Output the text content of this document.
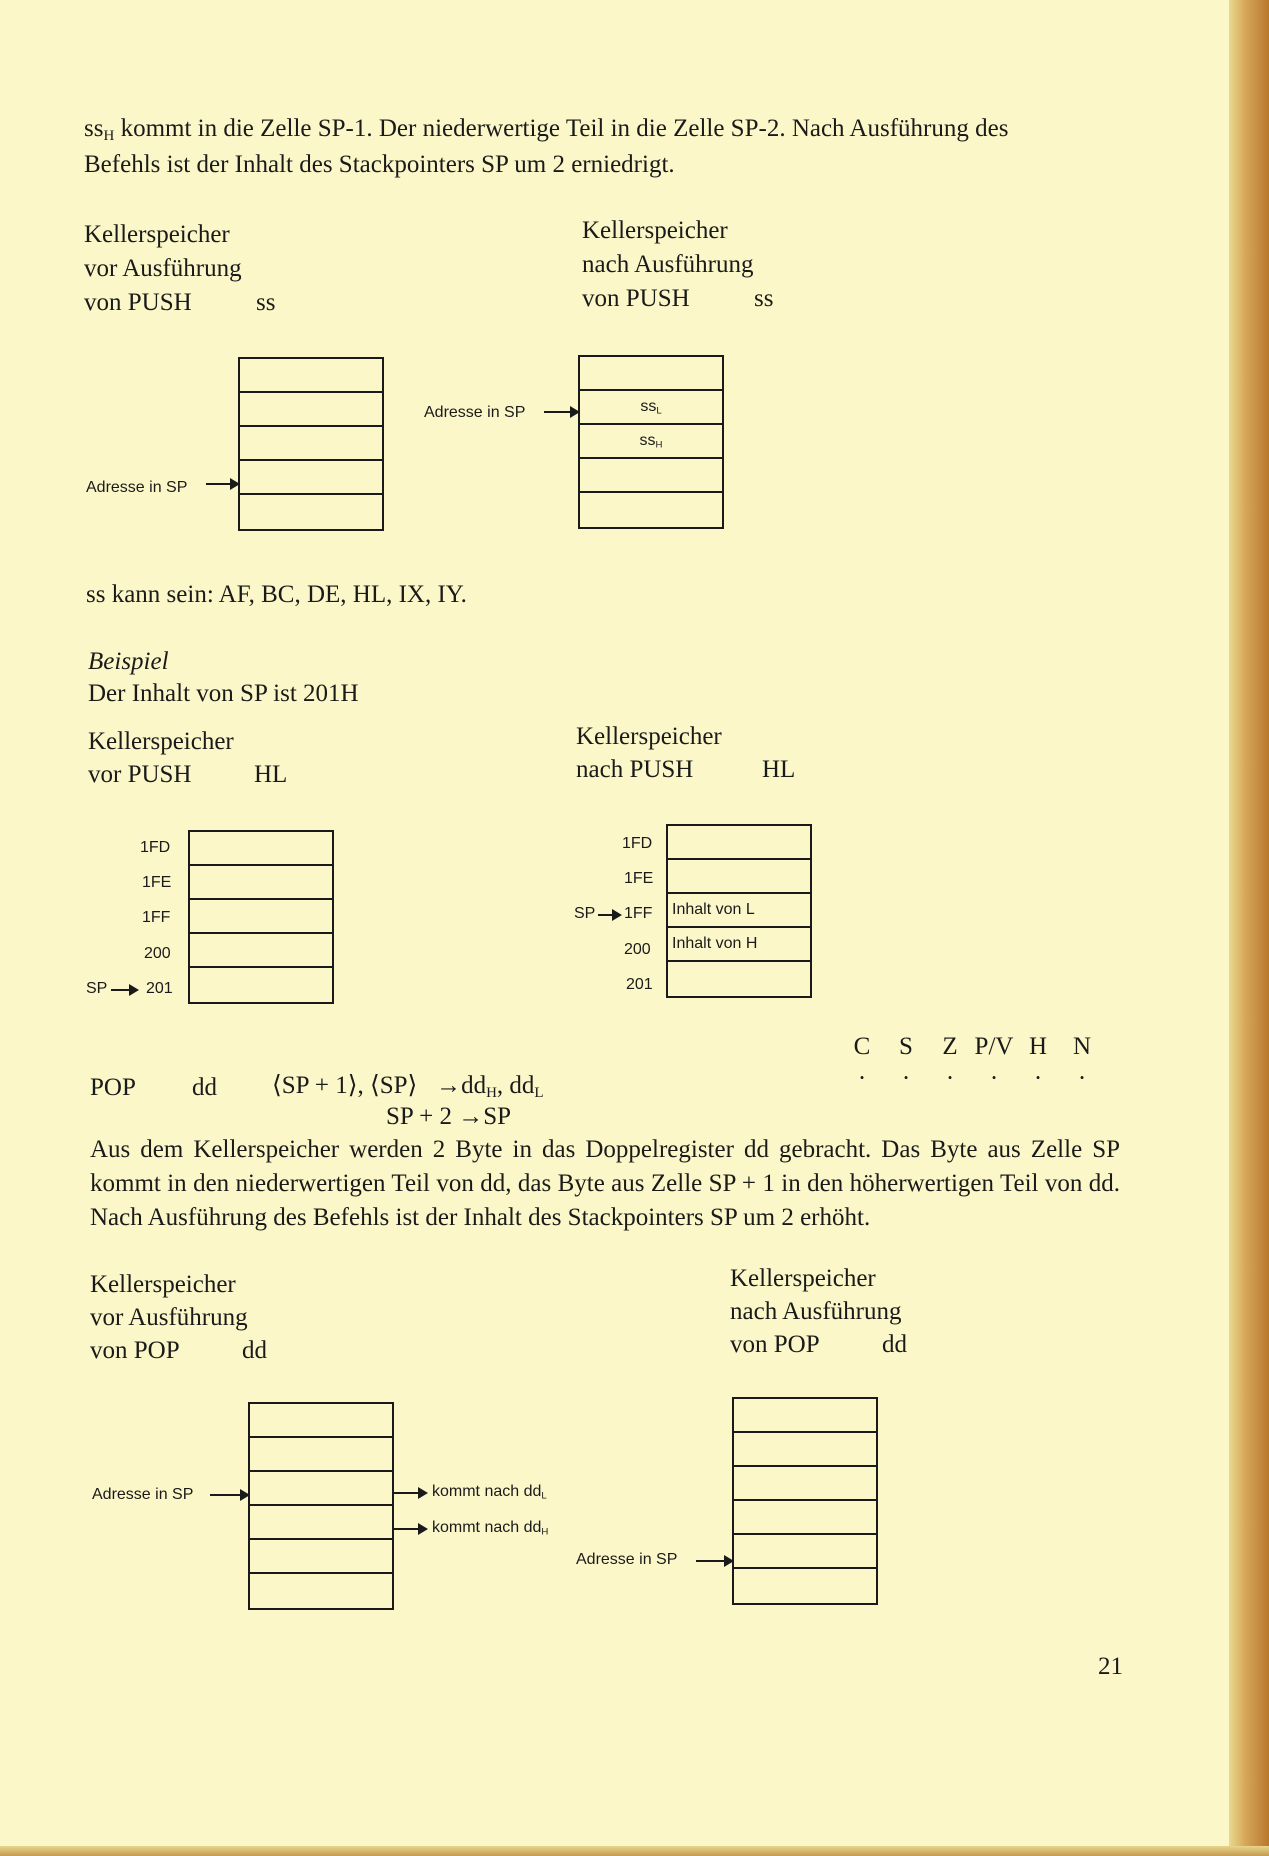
$ss_H$ kommt in die Zelle SP-1. Der niederwertige Teil in die Zelle SP-2. Nach Ausführung des
Befehls ist der Inhalt des Stackpointers SP um 2 erniedrigt.
Kellerspeicher
vor Ausführung
von PUSH	ss
Kellerspeicher
nach Ausführung
von PUSH	ss
Adresse in SP
$ss_L$
$ss_H$
Adresse in SP
ss kann sein: AF, BC, DE, HL, IX, IY.
Beispiel
Der Inhalt von SP ist 201H
Kellerspeicher
vor PUSH	HL
Kellerspeicher
nach PUSH	HL
1FD
1FE
1FF
200
201
SP
Inhalt von L
Inhalt von H
1FD
1FE
1FF
200
201
SP
C S Z P/V H N
· · · · · ·
POP dd ⟨SP + 1⟩, ⟨SP⟩ $\to dd_H$, $dd_L$
SP + 2 →SP
Aus dem Kellerspeicher werden 2 Byte in das Doppelregister dd gebracht. Das Byte aus Zelle SP kommt in den niederwertigen Teil von dd, das Byte aus Zelle SP + 1 in den höherwertigen Teil von dd. Nach Ausführung des Befehls ist der Inhalt des Stackpointers SP um 2 erhöht.
Kellerspeicher
vor Ausführung
von POP dd
Kellerspeicher
nach Ausführung
von POP dd
Adresse in SP	kommt nach $dd_L$
kommt nach $dd_H$
Adresse in SP
21
